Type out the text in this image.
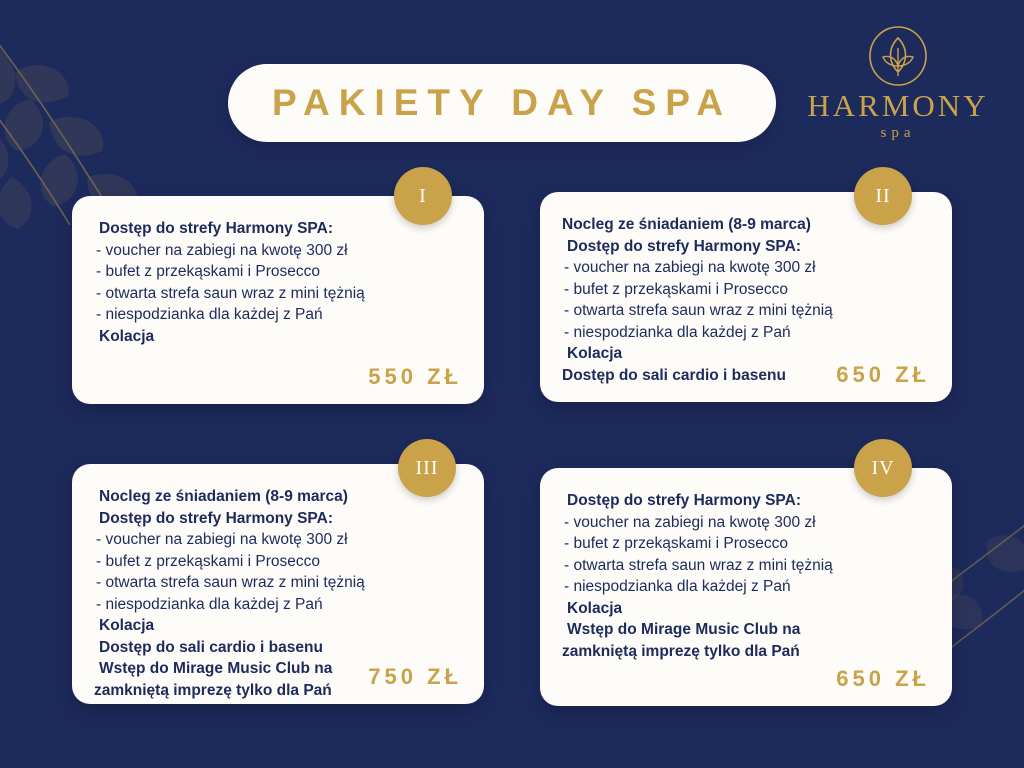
PAKIETY DAY SPA	HARMONY
spa
Dostęp do strefy Harmony SPA:
- voucher na zabiegi na kwotę 300 zł
- bufet z przekąskami i Prosecco
- otwarta strefa saun wraz z mini tężnią
- niespodzianka dla każdej z Pań
Kolacja
550 ZŁ
I
Nocleg ze śniadaniem (8-9 marca)
Dostęp do strefy Harmony SPA:
- voucher na zabiegi na kwotę 300 zł
- bufet z przekąskami i Prosecco
- otwarta strefa saun wraz z mini tężnią
- niespodzianka dla każdej z Pań
Kolacja
Dostęp do sali cardio i basenu	650 ZŁ
II
Nocleg ze śniadaniem (8-9 marca)
Dostęp do strefy Harmony SPA:
- voucher na zabiegi na kwotę 300 zł
- bufet z przekąskami i Prosecco
- otwarta strefa saun wraz z mini tężnią
- niespodzianka dla każdej z Pań
Kolacja
Dostęp do sali cardio i basenu
Wstęp do Mirage Music Club na
zamkniętą imprezę tylko dla Pań
750 ZŁ
III
Dostęp do strefy Harmony SPA:
- voucher na zabiegi na kwotę 300 zł
- bufet z przekąskami i Prosecco
- otwarta strefa saun wraz z mini tężnią
- niespodzianka dla każdej z Pań
Kolacja
Wstęp do Mirage Music Club na
zamkniętą imprezę tylko dla Pań
650 ZŁ
IV
